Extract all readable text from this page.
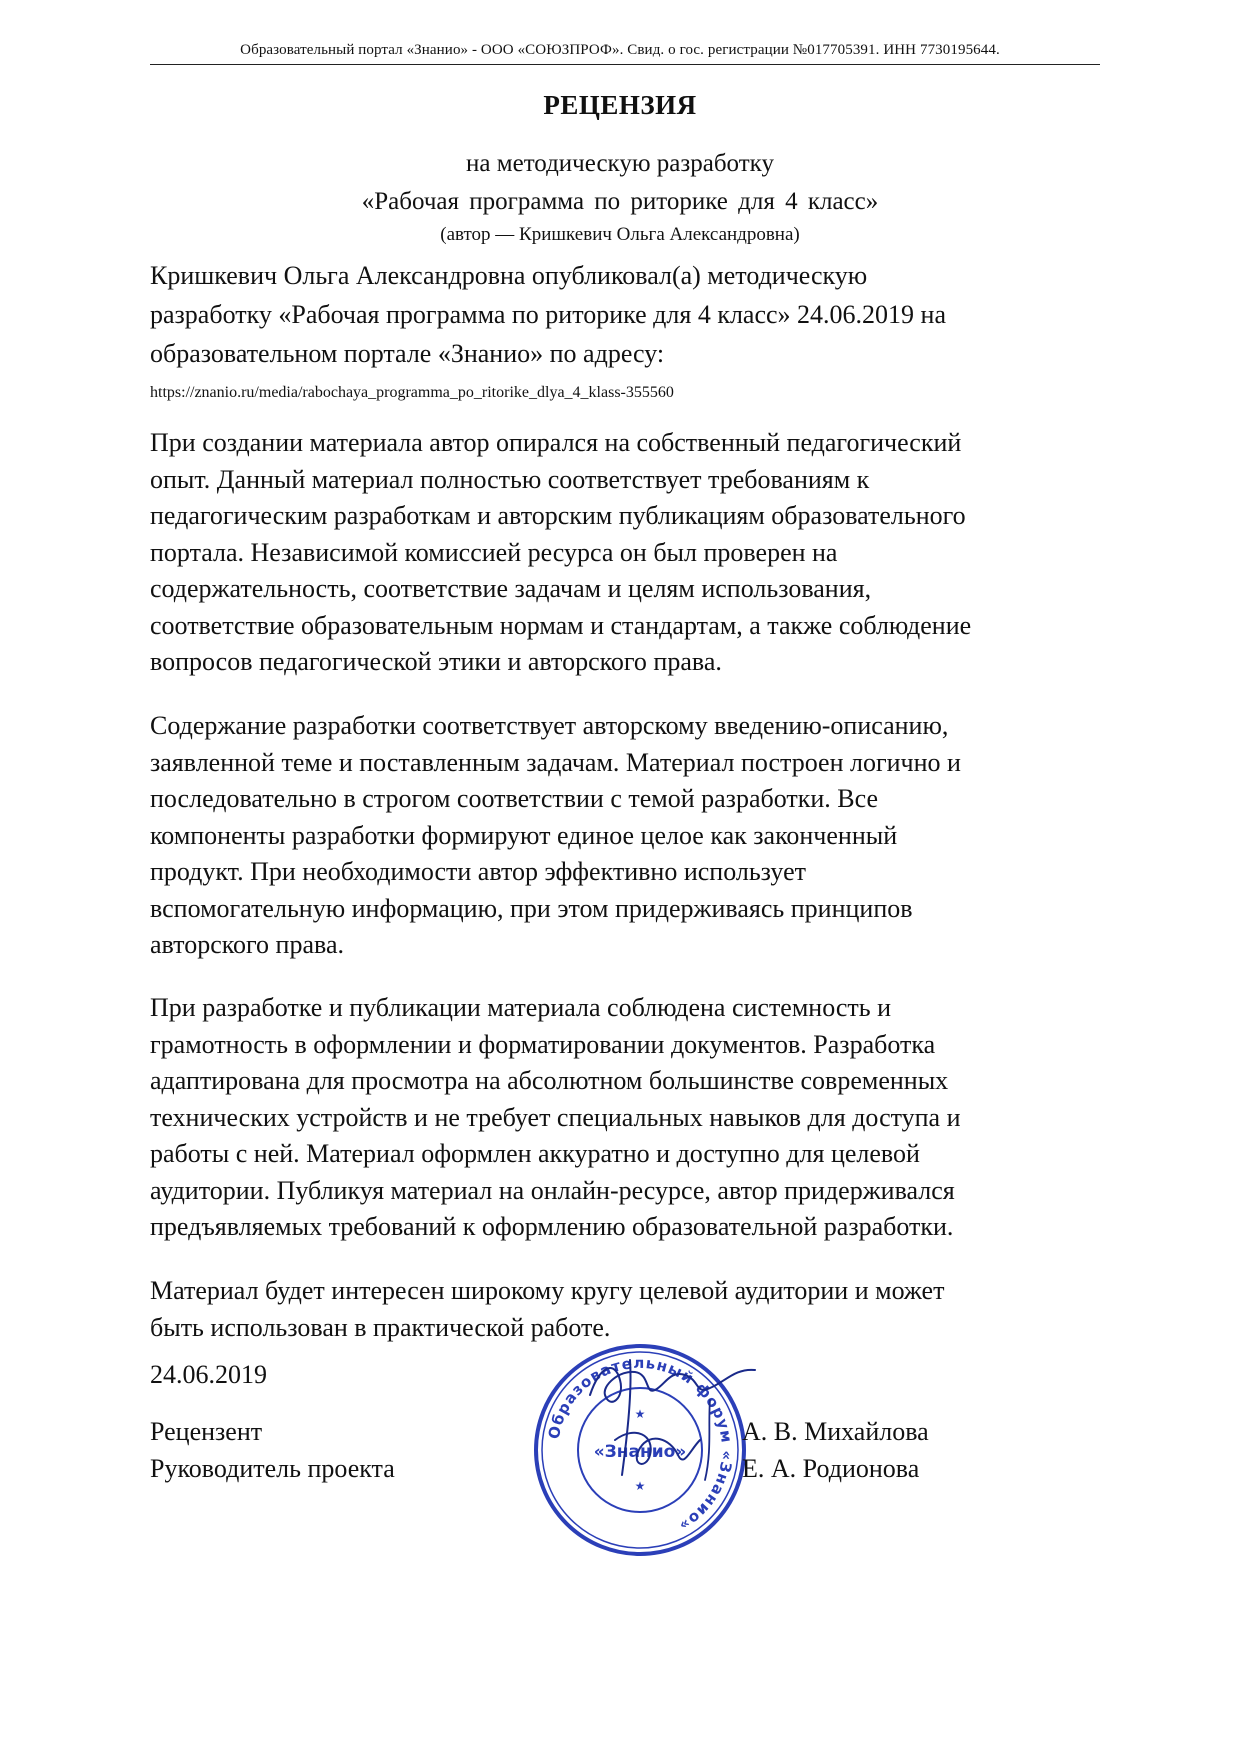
Образовательный портал «Знанио» - ООО «СОЮЗПРОФ». Свид. о гос. регистрации №017705391. ИНН 7730195644.
РЕЦЕНЗИЯ
на методическую разработку
«Рабочая программа по риторике для 4 класс»
(автор — Кришкевич Ольга Александровна)
Кришкевич Ольга Александровна опубликовал(а) методическую
разработку «Рабочая программа по риторике для 4 класс» 24.06.2019 на
образовательном портале «Знанио» по адресу:
https://znanio.ru/media/rabochaya_programma_po_ritorike_dlya_4_klass-355560
При создании материала автор опирался на собственный педагогический
опыт. Данный материал полностью соответствует требованиям к
педагогическим разработкам и авторским публикациям образовательного
портала. Независимой комиссией ресурса он был проверен на
содержательность, соответствие задачам и целям использования,
соответствие образовательным нормам и стандартам, а также соблюдение
вопросов педагогической этики и авторского права.
Содержание разработки соответствует авторскому введению-описанию,
заявленной теме и поставленным задачам. Материал построен логично и
последовательно в строгом соответствии с темой разработки. Все
компоненты разработки формируют единое целое как законченный
продукт. При необходимости автор эффективно использует
вспомогательную информацию, при этом придерживаясь принципов
авторского права.
При разработке и публикации материала соблюдена системность и
грамотность в оформлении и форматировании документов. Разработка
адаптирована для просмотра на абсолютном большинстве современных
технических устройств и не требует специальных навыков для доступа и
работы с ней. Материал оформлен аккуратно и доступно для целевой
аудитории. Публикуя материал на онлайн-ресурсе, автор придерживался
предъявляемых требований к оформлению образовательной разработки.
Материал будет интересен широкому кругу целевой аудитории и может
быть использован в практической работе.
24.06.2019
Образовательный форум «Знанио»
«Знанио»
★
★
Рецензент	А. В. Михайлова
Руководитель проекта	Е. А. Родионова
